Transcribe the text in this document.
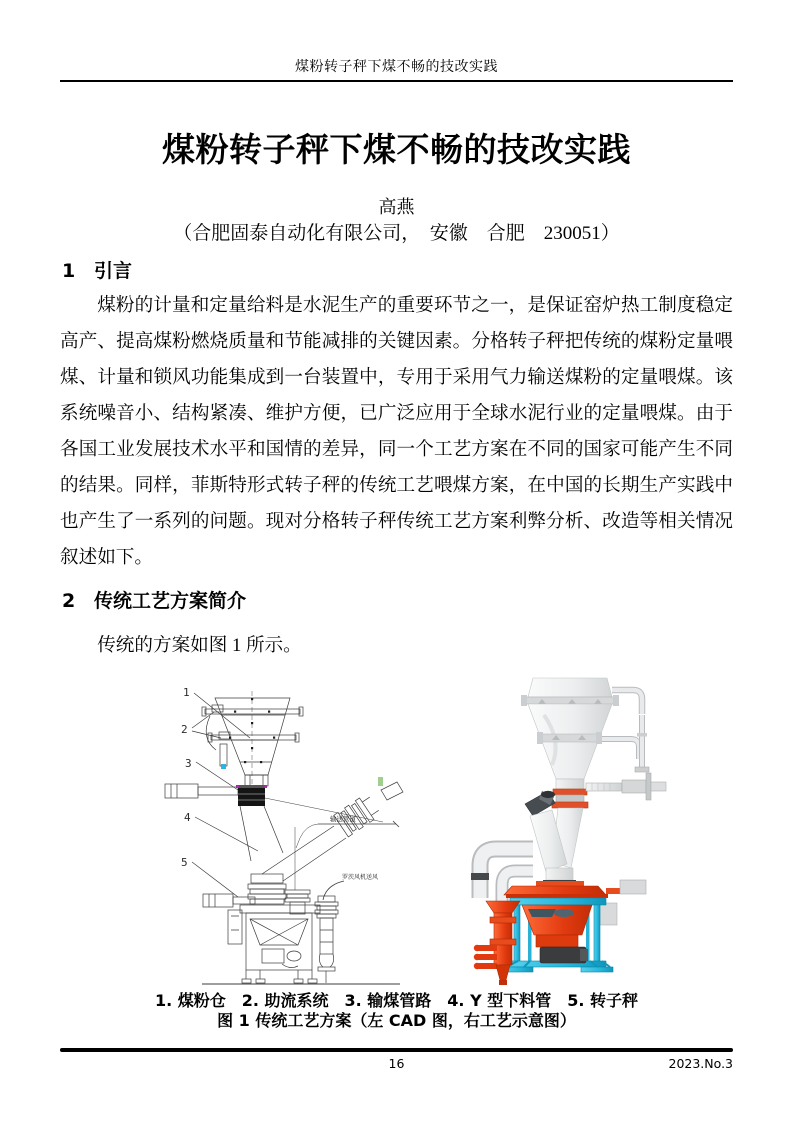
煤粉转子秤下煤不畅的技改实践
煤粉转子秤下煤不畅的技改实践
高燕
（合肥固泰自动化有限公司，　安徽　合肥　230051）
1 引言

煤粉的计量和定量给料是水泥生产的重要环节之一，是保证窑炉热工制度稳定高产、提高煤粉燃烧质量和节能减排的关键因素。分格转子秤把传统的煤粉定量喂煤、计量和锁风功能集成到一台装置中，专用于采用气力输送煤粉的定量喂煤。该系统噪音小、结构紧凑、维护方便，已广泛应用于全球水泥行业的定量喂煤。由于各国工业发展技术水平和国情的差异，同一个工艺方案在不同的国家可能产生不同的结果。同样，菲斯特形式转子秤的传统工艺喂煤方案，在中国的长期生产实践中也产生了一系列的问题。现对分格转子秤传统工艺方案利弊分析、改造等相关情况叙述如下。

2 传统工艺方案简介

传统的方案如图 1 所示。

1
2
3
4
5
输送管道
罗茨风机送风
1. 煤粉仓　2. 助流系统　3. 输煤管路　4. Y 型下料管　5. 转子秤
图 1 传统工艺方案（左 CAD 图，右工艺示意图）
16	2023.No.3
